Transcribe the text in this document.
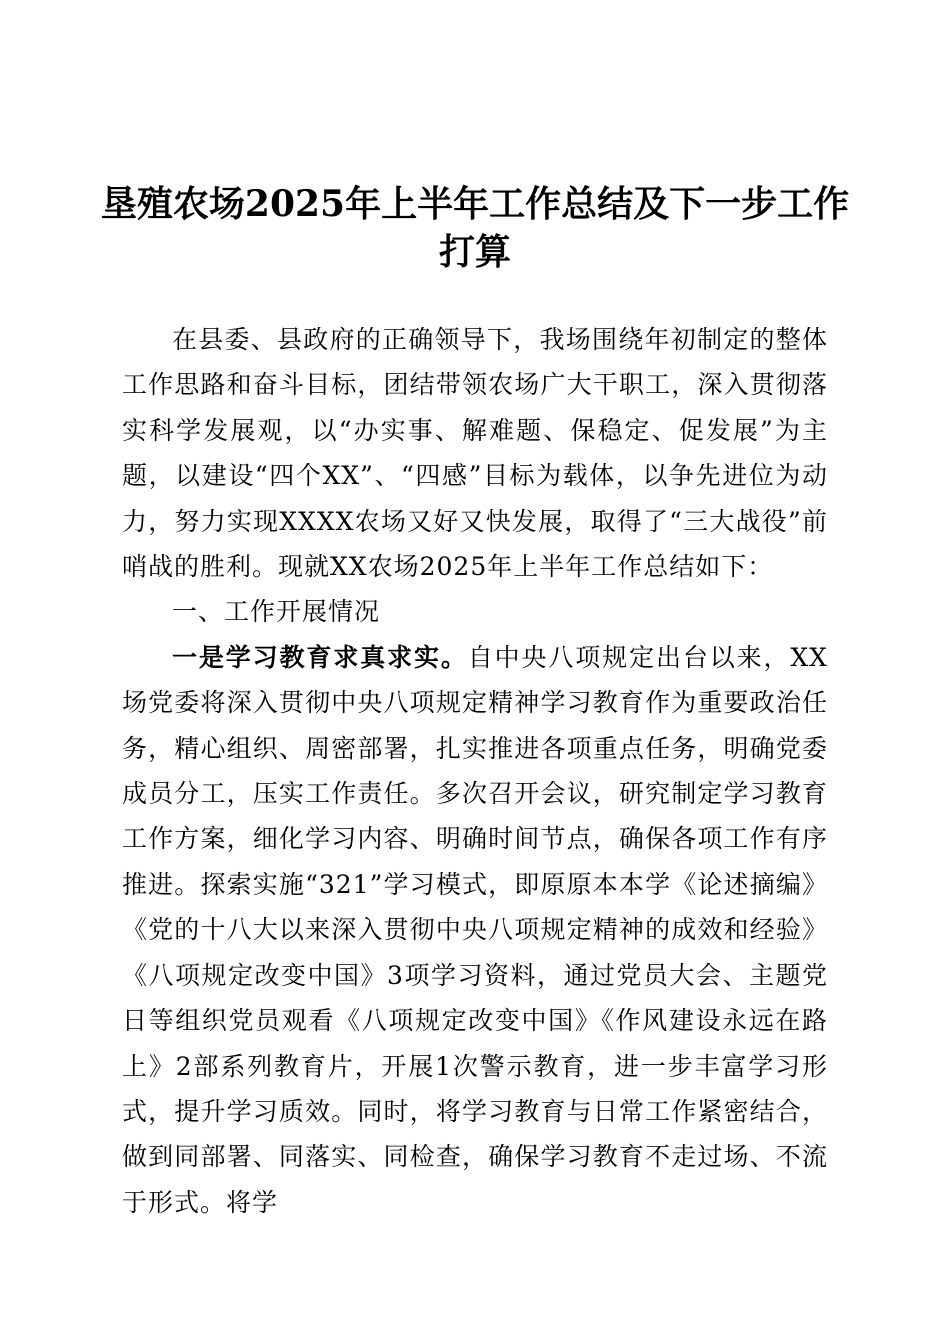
垦殖农场2025年上半年工作总结及下一步工作打算

在县委、县政府的正确领导下，我场围绕年初制定的整体工作思路和奋斗目标，团结带领农场广大干职工，深入贯彻落实科学发展观，以“办实事、解难题、保稳定、促发展”为主题，以建设“四个XX”、“四感”目标为载体，以争先进位为动力，努力实现XXXX农场又好又快发展，取得了“三大战役”前哨战的胜利。现就XX农场2025年上半年工作总结如下：

一、工作开展情况

一是学习教育求真求实。自中央八项规定出台以来，XX场党委将深入贯彻中央八项规定精神学习教育作为重要政治任务，精心组织、周密部署，扎实推进各项重点任务，明确党委成员分工，压实工作责任。多次召开会议，研究制定学习教育工作方案，细化学习内容、明确时间节点，确保各项工作有序推进。探索实施“321”学习模式，即原原本本学《论述摘编》《党的十八大以来深入贯彻中央八项规定精神的成效和经验》《八项规定改变中国》3项学习资料，通过党员大会、主题党日等组织党员观看《八项规定改变中国》《作风建设永远在路上》2部系列教育片，开展1次警示教育，进一步丰富学习形式，提升学习质效。同时，将学习教育与日常工作紧密结合，做到同部署、同落实、同检查，确保学习教育不走过场、不流于形式。将学
